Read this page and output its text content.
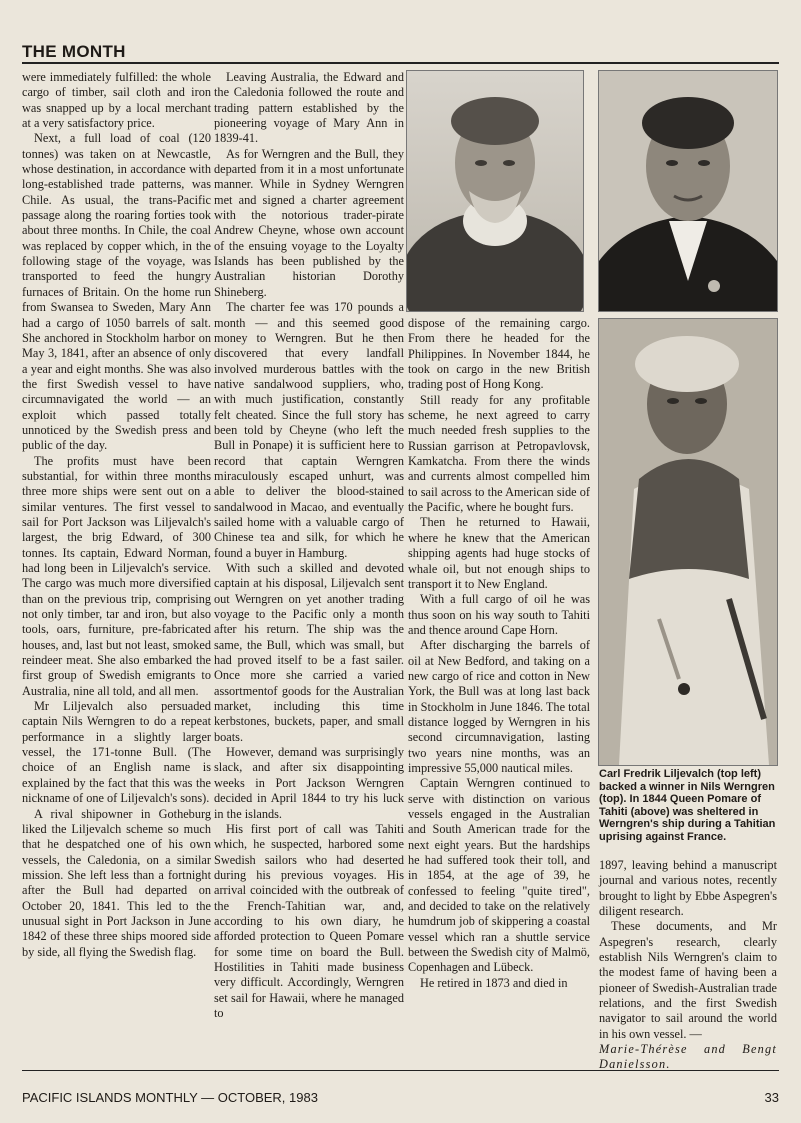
THE MONTH

were immediately fulfilled: the whole cargo of timber, sail cloth and iron was snapped up by a local merchant at a very satisfactory price.

Next, a full load of coal (120 tonnes) was taken on at Newcastle, whose destination, in accordance with long-established trade patterns, was Chile. As usual, the trans-Pacific passage along the roaring forties took about three months. In Chile, the coal was replaced by copper which, in the following stage of the voyage, was transported to feed the hungry furnaces of Britain. On the home run from Swansea to Sweden, Mary Ann had a cargo of 1050 barrels of salt. She anchored in Stockholm harbor on May 3, 1841, after an absence of only a year and eight months. She was also the first Swedish vessel to have circumnavigated the world — an exploit which passed totally unnoticed by the Swedish press and public of the day.

The profits must have been substantial, for within three months three more ships were sent out on a similar ventures. The first vessel to sail for Port Jackson was Liljevalch's largest, the brig Edward, of 300 tonnes. Its captain, Edward Norman, had long been in Liljevalch's service. The cargo was much more diversified than on the previous trip, comprising not only timber, tar and iron, but also tools, oars, furniture, pre-fabricated houses, and, last but not least, smoked reindeer meat. She also embarked the first group of Swedish emigrants to Australia, nine all told, and all men.

Mr Liljevalch also persuaded captain Nils Werngren to do a repeat performance in a slightly larger vessel, the 171-tonne Bull. (The choice of an English name is explained by the fact that this was the nickname of one of Liljevalch's sons).

A rival shipowner in Gotheburg liked the Liljevalch scheme so much that he despatched one of his own vessels, the Caledonia, on a similar mission. She left less than a fortnight after the Bull had departed on October 20, 1841. This led to the unusual sight in Port Jackson in June 1842 of these three ships moored side by side, all flying the Swedish flag.

Leaving Australia, the Edward and the Caledonia followed the route and trading pattern established by the pioneering voyage of Mary Ann in 1839-41.

As for Werngren and the Bull, they departed from it in a most unfortunate manner. While in Sydney Werngren met and signed a charter agreement with the notorious trader-pirate Andrew Cheyne, whose own account of the ensuing voyage to the Loyalty Islands has been published by the Australian historian Dorothy Shineberg.

The charter fee was 170 pounds a month — and this seemed good money to Werngren. But he then discovered that every landfall involved murderous battles with the native sandalwood suppliers, who, with much justification, constantly felt cheated. Since the full story has been told by Cheyne (who left the Bull in Ponape) it is sufficient here to record that captain Werngren miraculously escaped unhurt, was able to deliver the blood-stained sandalwood in Macao, and eventually sailed home with a valuable cargo of Chinese tea and silk, for which he found a buyer in Hamburg.

With such a skilled and devoted captain at his disposal, Liljevalch sent out Werngren on yet another trading voyage to the Pacific only a month after his return. The ship was the same, the Bull, which was small, but had proved itself to be a fast sailer. Once more she carried a varied assortmentof goods for the Australian market, including this time kerbstones, buckets, paper, and small boats.

However, demand was surprisingly slack, and after six disappointing weeks in Port Jackson Werngren decided in April 1844 to try his luck in the islands.

His first port of call was Tahiti which, he suspected, harbored some Swedish sailors who had deserted during his previous voyages. His arrival coincided with the outbreak of the French-Tahitian war, and, according to his own diary, he afforded protection to Queen Pomare for some time on board the Bull. Hostilities in Tahiti made business very difficult. Accordingly, Werngren set sail for Hawaii, where he managed to

dispose of the remaining cargo. From there he headed for the Philippines. In November 1844, he took on cargo in the new British trading post of Hong Kong.

Still ready for any profitable scheme, he next agreed to carry much needed fresh supplies to the Russian garrison at Petropavlovsk, Kamkatcha. From there the winds and currents almost compelled him to sail across to the American side of the Pacific, where he bought furs.

Then he returned to Hawaii, where he knew that the American shipping agents had huge stocks of whale oil, but not enough ships to transport it to New England.

With a full cargo of oil he was thus soon on his way south to Tahiti and thence around Cape Horn.

After discharging the barrels of oil at New Bedford, and taking on a new cargo of rice and cotton in New York, the Bull was at long last back in Stockholm in June 1846. The total distance logged by Werngren in his second circumnavigation, lasting two years nine months, was an impressive 55,000 nautical miles.

Captain Werngren continued to serve with distinction on various vessels engaged in the Australian and South American trade for the next eight years. But the hardships he had suffered took their toll, and in 1854, at the age of 39, he confessed to feeling "quite tired", and decided to take on the relatively humdrum job of skippering a coastal vessel which ran a shuttle service between the Swedish city of Malmö, Copenhagen and Lübeck.

He retired in 1873 and died in

Carl Fredrik Liljevalch (top left) backed a winner in Nils Werngren (top). In 1844 Queen Pomare of Tahiti (above) was sheltered in Werngren's ship during a Tahitian uprising against France.

1897, leaving behind a manuscript journal and various notes, recently brought to light by Ebbe Aspegren's diligent research.

These documents, and Mr Aspegren's research, clearly establish Nils Werngren's claim to the modest fame of having been a pioneer of Swedish-Australian trade relations, and the first Swedish navigator to sail around the world in his own vessel. —

Marie-Thérèse and Bengt Danielsson.

PACIFIC ISLANDS MONTHLY — OCTOBER, 1983	33
